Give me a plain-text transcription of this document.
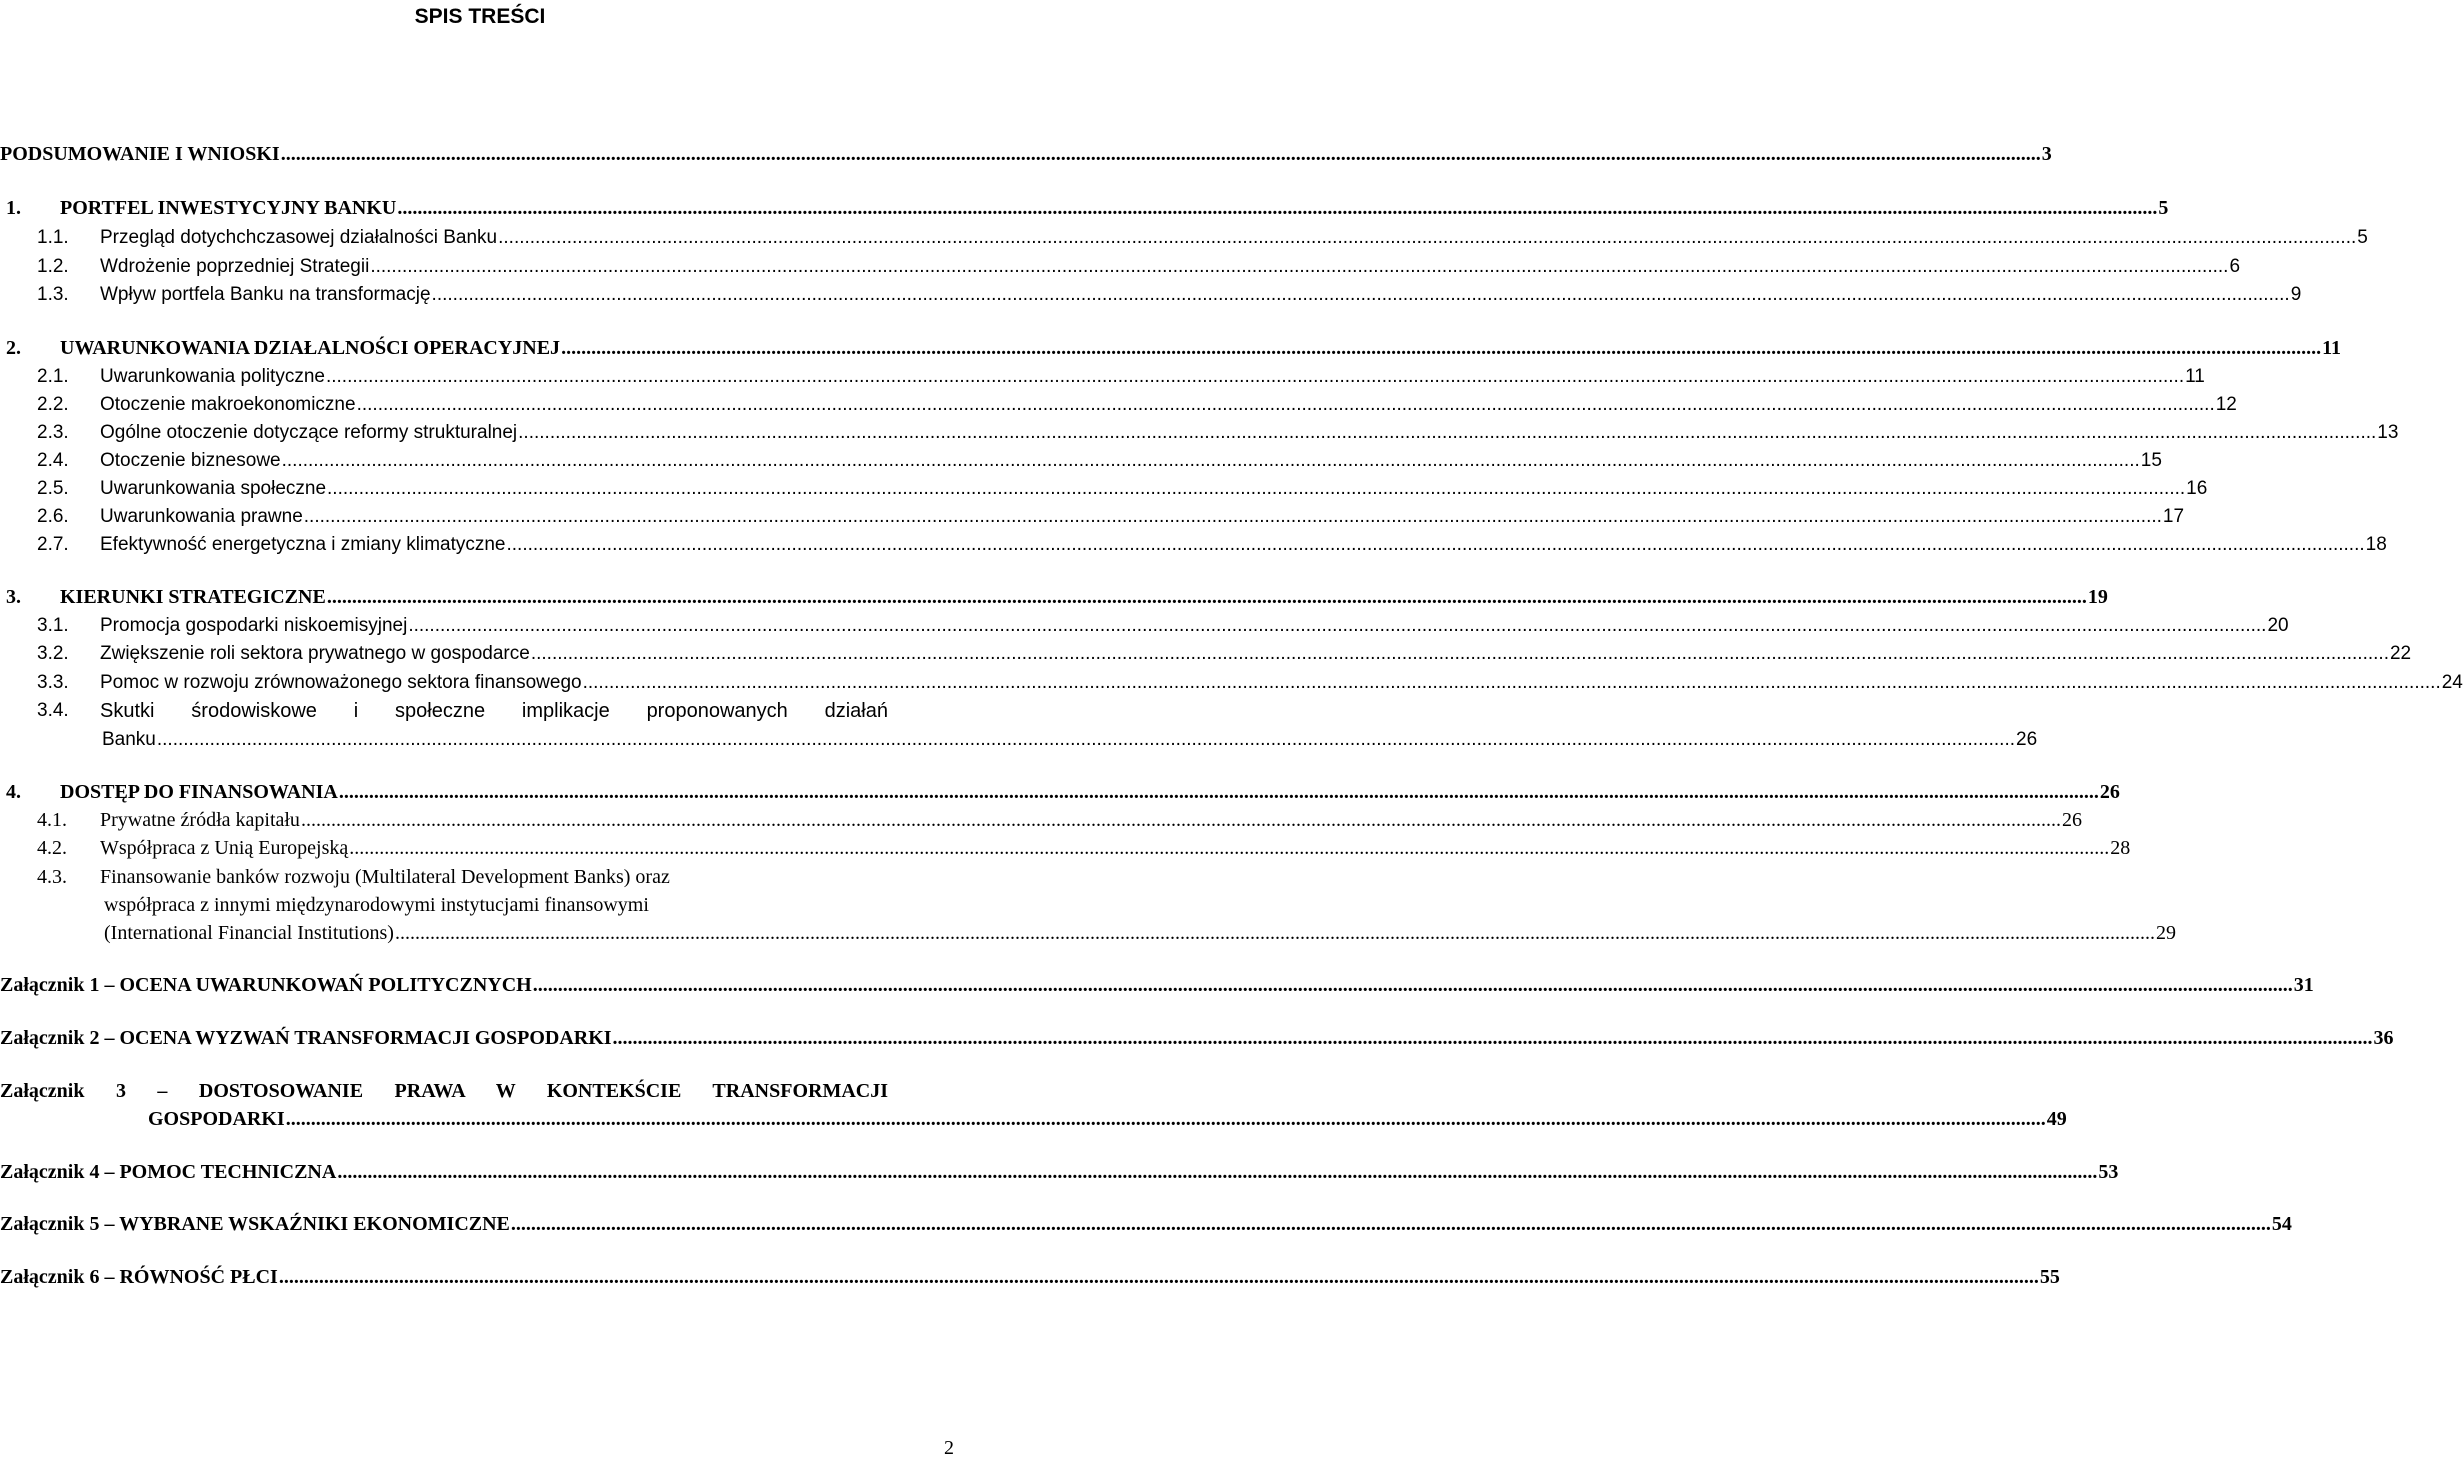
SPIS TREŚCI
PODSUMOWANIE I WNIOSKI ................................................................................................................................................................................................................................................................................................................................................................ 3
1.	PORTFEL INWESTYCYJNY BANKU ................................................................................................................................................................................................................................................................................................................................................................ 5
1.1.	Przegląd dotychchczasowej działalności Banku ................................................................................................................................................................................................................................................................................................................................................................ 5
1.2.	Wdrożenie poprzedniej Strategii ................................................................................................................................................................................................................................................................................................................................................................ 6
1.3.	Wpływ portfela Banku na transformację ................................................................................................................................................................................................................................................................................................................................................................ 9
2.	UWARUNKOWANIA DZIAŁALNOŚCI OPERACYJNEJ ................................................................................................................................................................................................................................................................................................................................................................ 11
2.1.	Uwarunkowania polityczne ................................................................................................................................................................................................................................................................................................................................................................ 11
2.2.	Otoczenie makroekonomiczne ................................................................................................................................................................................................................................................................................................................................................................ 12
2.3.	Ogólne otoczenie dotyczące reformy strukturalnej ................................................................................................................................................................................................................................................................................................................................................................ 13
2.4.	Otoczenie biznesowe ................................................................................................................................................................................................................................................................................................................................................................ 15
2.5.	Uwarunkowania społeczne ................................................................................................................................................................................................................................................................................................................................................................ 16
2.6.	Uwarunkowania prawne ................................................................................................................................................................................................................................................................................................................................................................ 17
2.7.	Efektywność energetyczna i zmiany klimatyczne ................................................................................................................................................................................................................................................................................................................................................................ 18
3.	KIERUNKI STRATEGICZNE ................................................................................................................................................................................................................................................................................................................................................................ 19
3.1.	Promocja gospodarki niskoemisyjnej ................................................................................................................................................................................................................................................................................................................................................................ 20
3.2.	Zwiększenie roli sektora prywatnego w gospodarce ................................................................................................................................................................................................................................................................................................................................................................ 22
3.3.	Pomoc w rozwoju zrównoważonego sektora finansowego ................................................................................................................................................................................................................................................................................................................................................................ 24
3.4.	Skutki środowiskowe i społeczne implikacje proponowanych działań
Banku ................................................................................................................................................................................................................................................................................................................................................................ 26
4.	DOSTĘP DO FINANSOWANIA ................................................................................................................................................................................................................................................................................................................................................................ 26
4.1.	Prywatne źródła kapitału ................................................................................................................................................................................................................................................................................................................................................................ 26
4.2.	Współpraca z Unią Europejską ................................................................................................................................................................................................................................................................................................................................................................ 28
4.3. Finansowanie banków rozwoju (Multilateral Development Banks) oraz
współpraca z innymi międzynarodowymi instytucjami finansowymi
(International Financial Institutions) ................................................................................................................................................................................................................................................................................................................................................................ 29
Załącznik 1 – OCENA UWARUNKOWAŃ POLITYCZNYCH ................................................................................................................................................................................................................................................................................................................................................................ 31
Załącznik 2 – OCENA WYZWAŃ TRANSFORMACJI GOSPODARKI ................................................................................................................................................................................................................................................................................................................................................................ 36
Załącznik 3 – DOSTOSOWANIE PRAWA W KONTEKŚCIE TRANSFORMACJI
GOSPODARKI ................................................................................................................................................................................................................................................................................................................................................................ 49
Załącznik 4 – POMOC TECHNICZNA ................................................................................................................................................................................................................................................................................................................................................................ 53
Załącznik 5 – WYBRANE WSKAŹNIKI EKONOMICZNE ................................................................................................................................................................................................................................................................................................................................................................ 54
Załącznik 6 – RÓWNOŚĆ PŁCI ................................................................................................................................................................................................................................................................................................................................................................ 55
2
